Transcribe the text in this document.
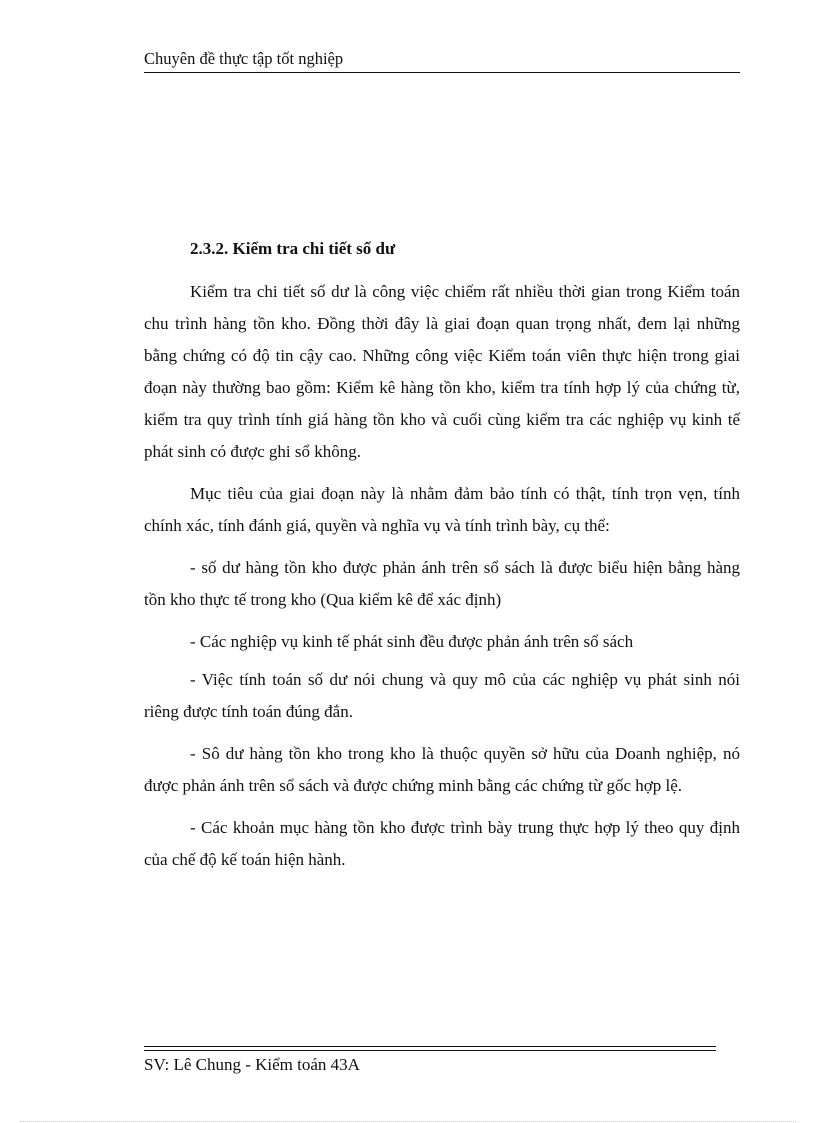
Chuyên đề thực tập tốt nghiệp
2.3.2. Kiểm tra chi tiết số dư

Kiểm tra chi tiết số dư là công việc chiếm rất nhiều thời gian trong Kiểm toán chu trình hàng tồn kho. Đồng thời đây là giai đoạn quan trọng nhất, đem lại những bằng chứng có độ tin cậy cao. Những công việc Kiểm toán viên thực hiện trong giai đoạn này thường bao gồm: Kiểm kê hàng tồn kho, kiểm tra tính hợp lý của chứng từ, kiểm tra quy trình tính giá hàng tồn kho và cuối cùng kiểm tra các nghiệp vụ kinh tế phát sinh có được ghi sổ không.

Mục tiêu của giai đoạn này là nhằm đảm bảo tính có thật, tính trọn vẹn, tính chính xác, tính đánh giá, quyền và nghĩa vụ và tính trình bày, cụ thể:

- số dư hàng tồn kho được phản ánh trên sổ sách là được biểu hiện bằng hàng tồn kho thực tế trong kho (Qua kiểm kê để xác định)

- Các nghiệp vụ kinh tế phát sinh đều được phản ánh trên sổ sách

- Việc tính toán số dư nói chung và quy mô của các nghiệp vụ phát sinh nói riêng được tính toán đúng đắn.

- Sô dư hàng tồn kho trong kho là thuộc quyền sở hữu của Doanh nghiệp, nó được phản ánh trên sổ sách và được chứng minh bằng các chứng từ gốc hợp lệ.

- Các khoản mục hàng tồn kho được trình bày trung thực hợp lý theo quy định của chế độ kế toán hiện hành.

SV: Lê Chung - Kiểm toán 43A
